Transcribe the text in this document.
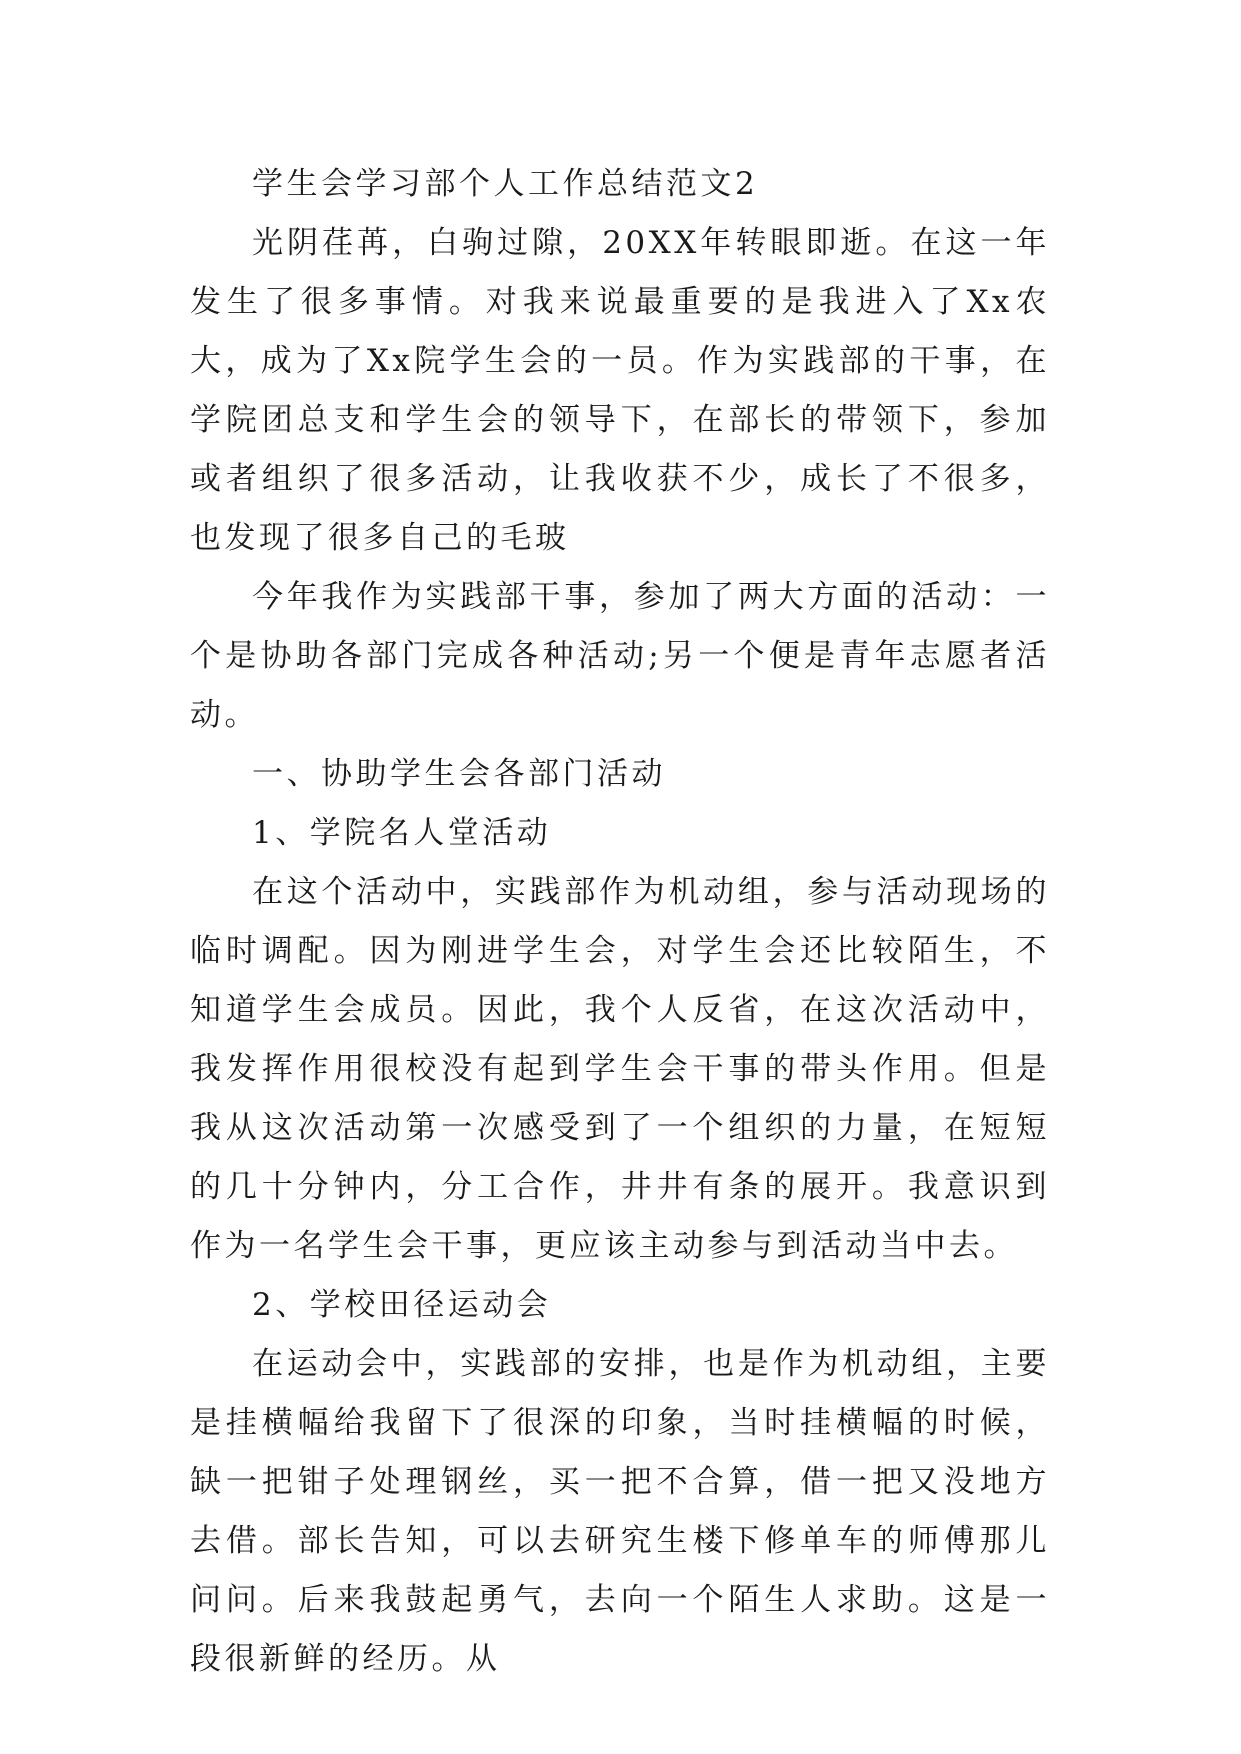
学生会学习部个人工作总结范文2

光阴荏苒，白驹过隙，20XX年转眼即逝。在这一年发生了很多事情。对我来说最重要的是我进入了Xx农大，成为了Xx院学生会的一员。作为实践部的干事，在学院团总支和学生会的领导下，在部长的带领下，参加或者组织了很多活动，让我收获不少，成长了不很多，也发现了很多自己的毛玻

今年我作为实践部干事，参加了两大方面的活动：一个是协助各部门完成各种活动;另一个便是青年志愿者活动。

一、协助学生会各部门活动

1、学院名人堂活动

在这个活动中，实践部作为机动组，参与活动现场的临时调配。因为刚进学生会，对学生会还比较陌生，不知道学生会成员。因此，我个人反省，在这次活动中，我发挥作用很校没有起到学生会干事的带头作用。但是我从这次活动第一次感受到了一个组织的力量，在短短的几十分钟内，分工合作，井井有条的展开。我意识到作为一名学生会干事，更应该主动参与到活动当中去。

2、学校田径运动会

在运动会中，实践部的安排，也是作为机动组，主要是挂横幅给我留下了很深的印象，当时挂横幅的时候，缺一把钳子处理钢丝，买一把不合算，借一把又没地方去借。部长告知，可以去研究生楼下修单车的师傅那儿问问。后来我鼓起勇气，去向一个陌生人求助。这是一段很新鲜的经历。从
